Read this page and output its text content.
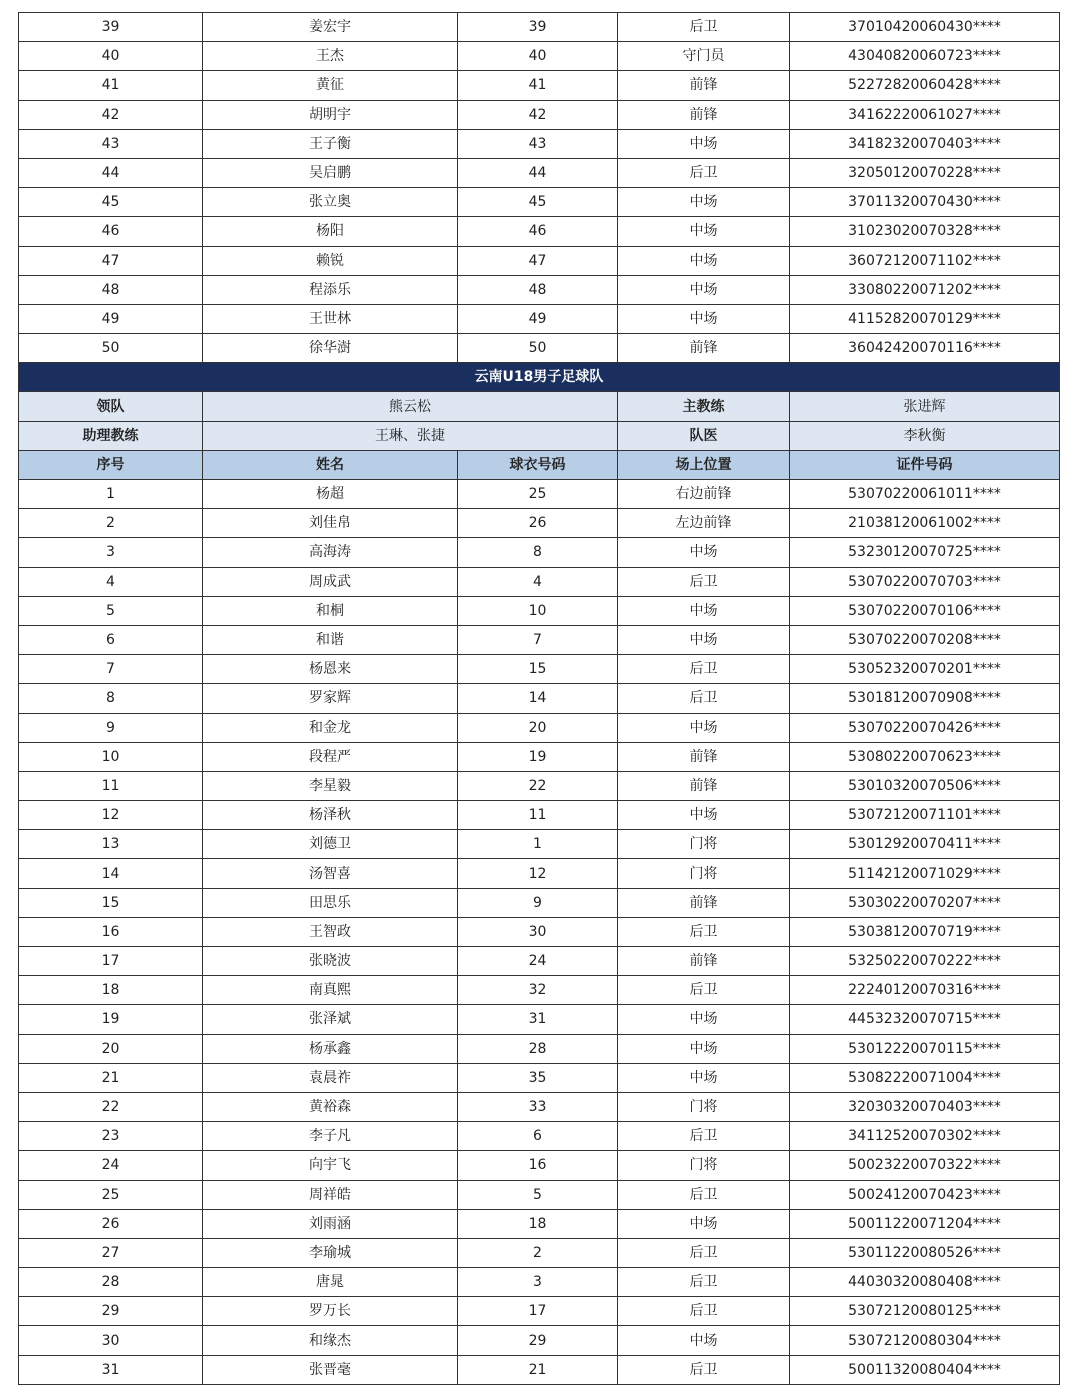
39	姜宏宇	39	后卫	37010420060430****
40	王杰	40	守门员	43040820060723****
41	黄征	41	前锋	52272820060428****
42	胡明宇	42	前锋	34162220061027****
43	王子衡	43	中场	34182320070403****
44	吴启鹏	44	后卫	32050120070228****
45	张立奥	45	中场	37011320070430****
46	杨阳	46	中场	31023020070328****
47	赖锐	47	中场	36072120071102****
48	程添乐	48	中场	33080220071202****
49	王世林	49	中场	41152820070129****
50	徐华澍	50	前锋	36042420070116****
云南U18男子足球队				
领队	熊云松		主教练	张进辉
助理教练	王琳、张捷		队医	李秋衡
序号	姓名	球衣号码	场上位置	证件号码
1	杨超	25	右边前锋	53070220061011****
2	刘佳帛	26	左边前锋	21038120061002****
3	高海涛	8	中场	53230120070725****
4	周成武	4	后卫	53070220070703****
5	和桐	10	中场	53070220070106****
6	和谐	7	中场	53070220070208****
7	杨恩来	15	后卫	53052320070201****
8	罗家辉	14	后卫	53018120070908****
9	和金龙	20	中场	53070220070426****
10	段程严	19	前锋	53080220070623****
11	李星毅	22	前锋	53010320070506****
12	杨泽秋	11	中场	53072120071101****
13	刘德卫	1	门将	53012920070411****
14	汤智喜	12	门将	51142120071029****
15	田思乐	9	前锋	53030220070207****
16	王智政	30	后卫	53038120070719****
17	张晓波	24	前锋	53250220070222****
18	南真熙	32	后卫	22240120070316****
19	张泽斌	31	中场	44532320070715****
20	杨承鑫	28	中场	53012220070115****
21	袁晨祚	35	中场	53082220071004****
22	黄裕森	33	门将	32030320070403****
23	李子凡	6	后卫	34112520070302****
24	向宇飞	16	门将	50023220070322****
25	周祥皓	5	后卫	50024120070423****
26	刘雨涵	18	中场	50011220071204****
27	李瑜城	2	后卫	53011220080526****
28	唐晁	3	后卫	44030320080408****
29	罗万长	17	后卫	53072120080125****
30	和缘杰	29	中场	53072120080304****
31	张晋毫	21	后卫	50011320080404****
